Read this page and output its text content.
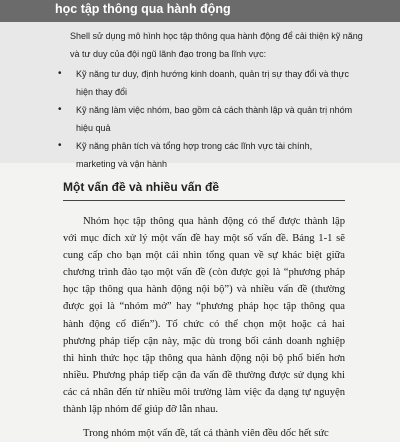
học tập thông qua hành động

Shell sử dụng mô hình học tập thông qua hành động để cải thiện kỹ năng và tư duy của đội ngũ lãnh đạo trong ba lĩnh vực:

• Kỹ năng tư duy, định hướng kinh doanh, quản trị sự thay đổi và thực hiện thay đổi
• Kỹ năng làm việc nhóm, bao gồm cả cách thành lập và quản trị nhóm hiệu quả
• Kỹ năng phân tích và tổng hợp trong các lĩnh vực tài chính, marketing và vận hành
Một vấn đề và nhiều vấn đề

Nhóm học tập thông qua hành động có thể được thành lập với mục đích xử lý một vấn đề hay một số vấn đề. Bảng 1-1 sẽ cung cấp cho bạn một cái nhìn tổng quan về sự khác biệt giữa chương trình đào tạo một vấn đề (còn được gọi là “phương pháp học tập thông qua hành động nội bộ”) và nhiều vấn đề (thường được gọi là “nhóm mở” hay “phương pháp học tập thông qua hành động cổ điển”). Tổ chức có thể chọn một hoặc cả hai phương pháp tiếp cận này, mặc dù trong bối cảnh doanh nghiệp thì hình thức học tập thông qua hành động nội bộ phổ biến hơn nhiều. Phương pháp tiếp cận đa vấn đề thường được sử dụng khi các cá nhân đến từ nhiều môi trường làm việc đa dạng tự nguyện thành lập nhóm để giúp đỡ lẫn nhau.

Trong nhóm một vấn đề, tất cả thành viên đều dốc hết sức
